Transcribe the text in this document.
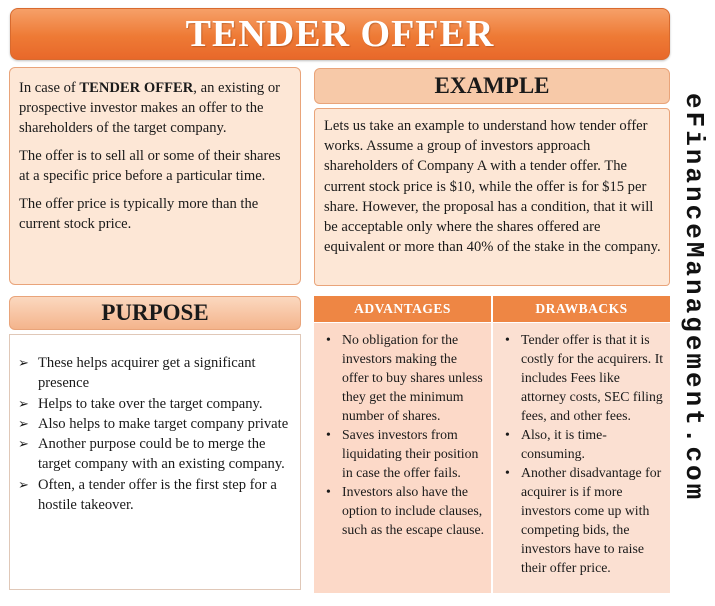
TENDER OFFER
eFinanceManagement.com

In case of TENDER OFFER, an existing or prospective investor makes an offer to the shareholders of the target company.

The offer is to sell all or some of their shares at a specific price before a particular time.

The offer price is typically more than the current stock price.

EXAMPLE
Lets us take an example to understand how tender offer works. Assume a group of investors approach shareholders of Company A with a tender offer. The current stock price is $10, while the offer is for $15 per share. However, the proposal has a condition, that it will be acceptable only where the shares offered are equivalent or more than 40% of the stake in the company.
PURPOSE
➢ These helps acquirer get a significant presence
➢ Helps to take over the target company.
➢ Also helps to make target company private
➢ Another purpose could be to merge the target company with an existing company.
➢ Often, a tender offer is the first step for a hostile takeover.
ADVANTAGES	DRAWBACKS
• No obligation for the investors making the offer to buy shares unless they get the minimum number of shares.
• Saves investors from liquidating their position in case the offer fails.
• Investors also have the option to include clauses, such as the escape clause.
• Tender offer is that it is costly for the acquirers. It includes Fees like attorney costs, SEC filing fees, and other fees.
• Also, it is time-consuming.
• Another disadvantage for acquirer is if more investors come up with competing bids, the investors have to raise their offer price.
